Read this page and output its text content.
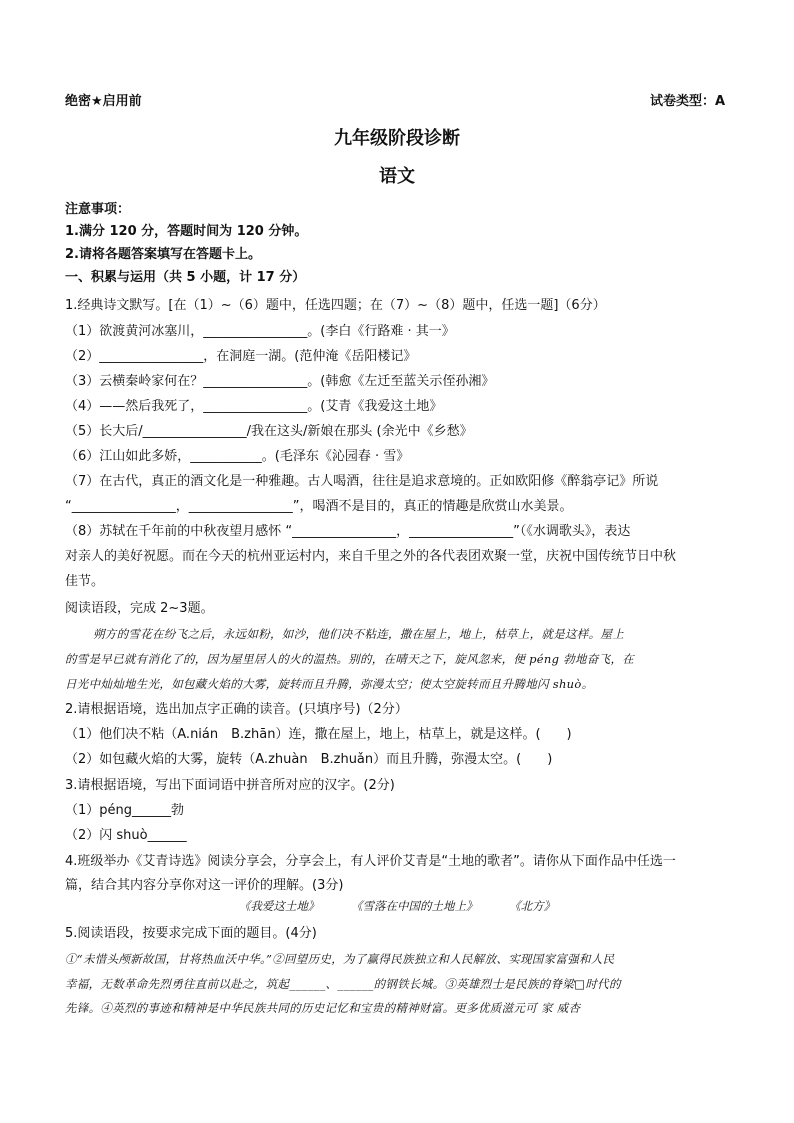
绝密★启用前	试卷类型：A
九年级阶段诊断
语文
注意事项：
1.满分 120 分，答题时间为 120 分钟。
2.请将各题答案填写在答题卡上。
一、积累与运用（共 5 小题，计 17 分）
1.经典诗文默写。[在（1）~（6）题中，任选四题；在（7）~（8）题中，任选一题]（6分）
（1）欲渡黄河冰塞川，________________。(李白《行路难 · 其一》
（2）________________，在洞庭一湖。(范仲淹《岳阳楼记》
（3）云横秦岭家何在？________________。(韩愈《左迁至蓝关示侄孙湘》
（4）——然后我死了，________________。(艾青《我爱这土地》
（5）长大后/________________/我在这头/新娘在那头 (余光中《乡愁》
（6）江山如此多娇，___________。(毛泽东《沁园春 · 雪》
（7）在古代，真正的酒文化是一种雅趣。古人喝酒，往往是追求意境的。正如欧阳修《醉翁亭记》所说
“________________，________________”，喝酒不是目的，真正的情趣是欣赏山水美景。
（8）苏轼在千年前的中秋夜望月感怀 “________________，________________”（《水调歌头》，表达
对亲人的美好祝愿。而在今天的杭州亚运村内，来自千里之外的各代表团欢聚一堂，庆祝中国传统节日中秋
佳节。
阅读语段，完成 2~3题。
朔方的雪花在纷飞之后，永远如粉，如沙，他们决不粘连，撒在屋上，地上，枯草上，就是这样。屋上
的雪是早已就有消化了的，因为屋里居人的火的温热。别的，在晴天之下，旋风忽来，便 péng 勃地奋飞，在
日光中灿灿地生光，如包藏火焰的大雾，旋转而且升腾，弥漫太空；使太空旋转而且升腾地闪 shuò。
2.请根据语境，选出加点字正确的读音。(只填序号)（2分）
（1）他们决不粘（A.nián　B.zhān）连，撒在屋上，地上，枯草上，就是这样。(　　)
（2）如包藏火焰的大雾，旋转（A.zhuàn　B.zhuǎn）而且升腾，弥漫太空。(　　)
3.请根据语境，写出下面词语中拼音所对应的汉字。(2分)
（1）péng______勃
（2）闪 shuò______
4.班级举办《艾青诗选》阅读分享会，分享会上，有人评价艾青是“土地的歌者”。请你从下面作品中任选一
篇，结合其内容分享你对这一评价的理解。(3分)
《我爱这土地》	《雪落在中国的土地上》	《北方》
5.阅读语段，按要求完成下面的题目。(4分)
①“未惜头颅新故国，甘将热血沃中华。”②回望历史，为了赢得民族独立和人民解放、实现国家富强和人民
幸福，无数革命先烈勇往直前以赴之，筑起______、______的钢铁长城。③英雄烈士是民族的脊梁□时代的
先锋。④英烈的事迹和精神是中华民族共同的历史记忆和宝贵的精神财富。更多优质滋元可 家 威杏
